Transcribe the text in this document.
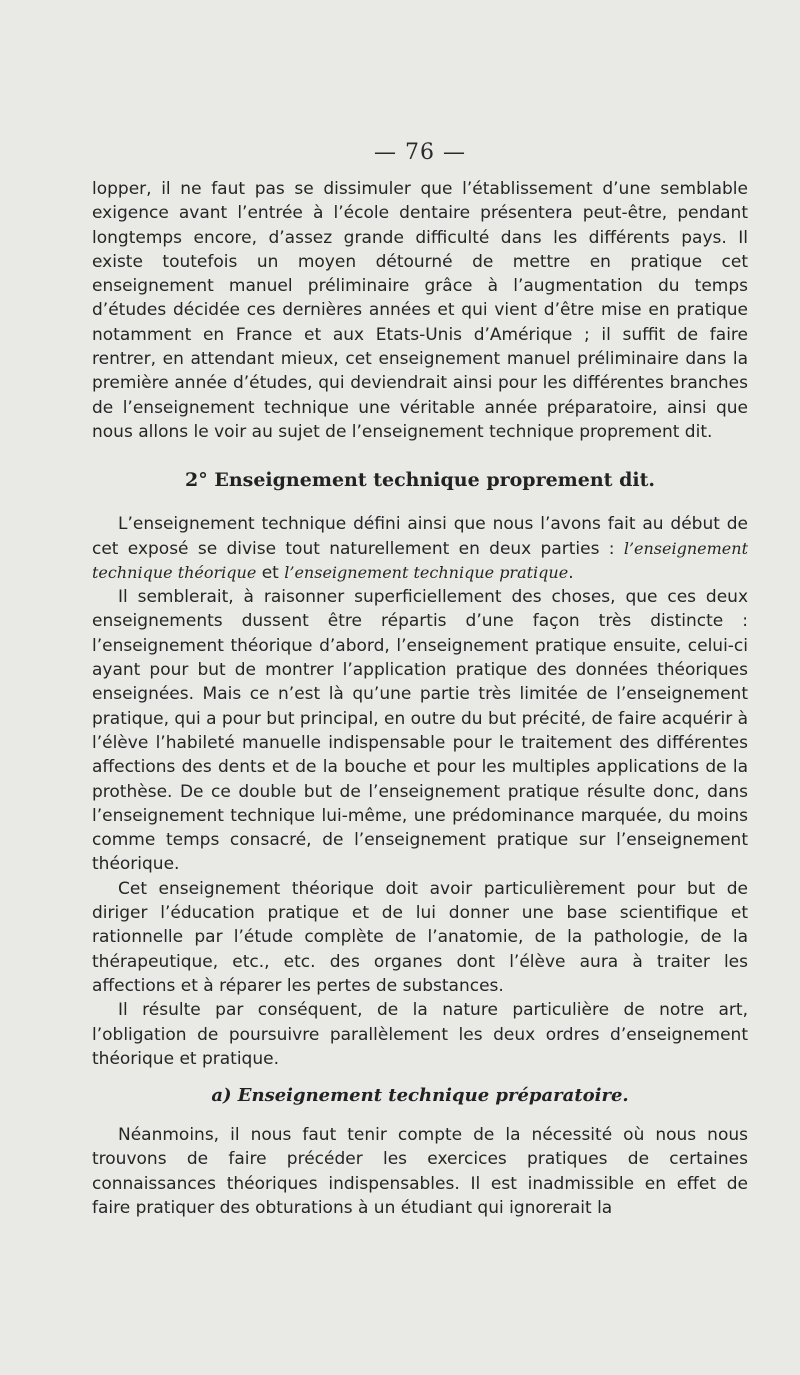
— 76 —

lopper, il ne faut pas se dissimuler que l’établissement d’une semblable exigence avant l’entrée à l’école dentaire présentera peut-être, pendant longtemps encore, d’assez grande difficulté dans les différents pays. Il existe toutefois un moyen détourné de mettre en pratique cet enseignement manuel préliminaire grâce à l’augmentation du temps d’études décidée ces dernières années et qui vient d’être mise en pratique notamment en France et aux Etats-Unis d’Amérique ; il suffit de faire rentrer, en attendant mieux, cet enseignement manuel préliminaire dans la première année d’études, qui deviendrait ainsi pour les différentes branches de l’enseignement technique une véritable année préparatoire, ainsi que nous allons le voir au sujet de l’enseignement technique proprement dit.

2° Enseignement technique proprement dit.

L’enseignement technique défini ainsi que nous l’avons fait au début de cet exposé se divise tout naturellement en deux parties : l’enseignement technique théorique et l’enseignement technique pratique.

Il semblerait, à raisonner superficiellement des choses, que ces deux enseignements dussent être répartis d’une façon très distincte : l’enseignement théorique d’abord, l’enseignement pratique ensuite, celui-ci ayant pour but de montrer l’application pratique des données théoriques enseignées. Mais ce n’est là qu’une partie très limitée de l’enseignement pratique, qui a pour but principal, en outre du but précité, de faire acquérir à l’élève l’habileté manuelle indispensable pour le traitement des différentes affections des dents et de la bouche et pour les multiples applications de la prothèse. De ce double but de l’enseignement pratique résulte donc, dans l’enseignement technique lui-même, une prédominance marquée, du moins comme temps consacré, de l’enseignement pratique sur l’enseignement théorique.

Cet enseignement théorique doit avoir particulièrement pour but de diriger l’éducation pratique et de lui donner une base scientifique et rationnelle par l’étude complète de l’anatomie, de la pathologie, de la thérapeutique, etc., etc. des organes dont l’élève aura à traiter les affections et à réparer les pertes de substances.

Il résulte par conséquent, de la nature particulière de notre art, l’obligation de poursuivre parallèlement les deux ordres d’enseignement théorique et pratique.

a) Enseignement technique préparatoire.

Néanmoins, il nous faut tenir compte de la nécessité où nous nous trouvons de faire précéder les exercices pratiques de certaines connaissances théoriques indispensables. Il est inadmissible en effet de faire pratiquer des obturations à un étudiant qui ignorerait la
